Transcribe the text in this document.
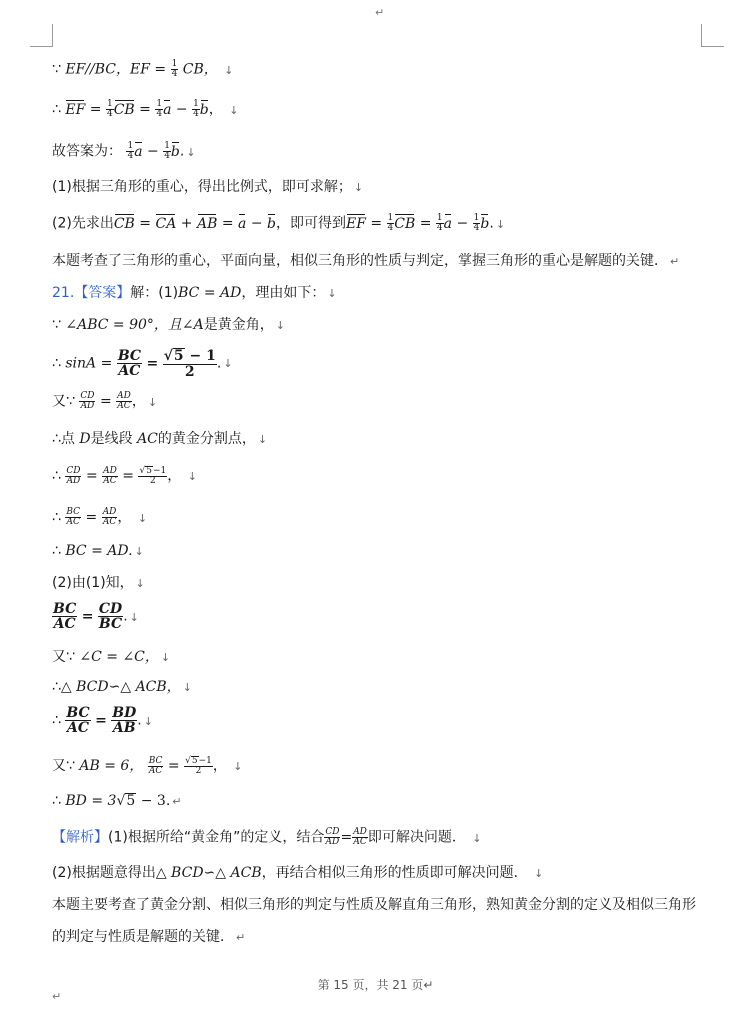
↵
∵ EF//BC，EF = $\frac{1}{4}$ CB， ↓
∴ EF = $\frac{1}{4}$ CB = $\frac{1}{4}$ $a - \frac{1}{4}$ b， ↓
故答案为： $\frac{1}{4}$ $a - \frac{1}{4} b$. ↓
(1)根据三角形的重心，得出比例式，即可求解； ↓
(2)先求出CB = CA + AB = a − b，即可得到EF = $\frac{1}{4}$ CB = $\frac{1}{4}$ $a - \frac{1}{4} b$. ↓
本题考查了三角形的重心，平面向量，相似三角形的性质与判定，掌握三角形的重心是解题的关键． ↵
21.【答案】解：(1)BC = AD，理由如下： ↓
∵ ∠ABC = 90°，且∠A是黄金角， ↓
∴ $\sin A = \frac{BC}{AC} = \frac{√5 - 1}{2}$ . ↓
又∵ $\frac{CD}{AD} = \frac{AD}{AC}$ ， ↓
∴点 D是线段 AC的黄金分割点， ↓
∴ $\frac{CD}{AD} = \frac{AD}{AC} = \frac{√5-1}{2}$ ， ↓
∴ $\frac{BC}{AC} = \frac{AD}{AC}$ ， ↓
∴ BC = AD. ↓
(2)由(1)知， ↓
$\frac{BC}{AC} = \frac{CD}{BC}$ . ↓
又∵ ∠C = ∠C， ↓
∴△ BCD∽△ ACB， ↓
∴ $\frac{BC}{AC} = \frac{BD}{AB}$ . ↓
又∵ AB = 6， $\frac{BC}{AC} = \frac{√5-1}{2}$ ， ↓
∴ BD = 3√5 − 3. ↵
【解析】(1)根据所给“黄金角”的定义，结合 $\frac{CD}{AD} = \frac{AD}{AC}$ 即可解决问题． ↓
(2)根据题意得出△ BCD∽△ ACB，再结合相似三角形的性质即可解决问题． ↓
本题主要考查了黄金分割、相似三角形的判定与性质及解直角三角形，熟知黄金分割的定义及相似三角形
的判定与性质是解题的关键． ↵
第 15 页，共 21 页↵
↵
